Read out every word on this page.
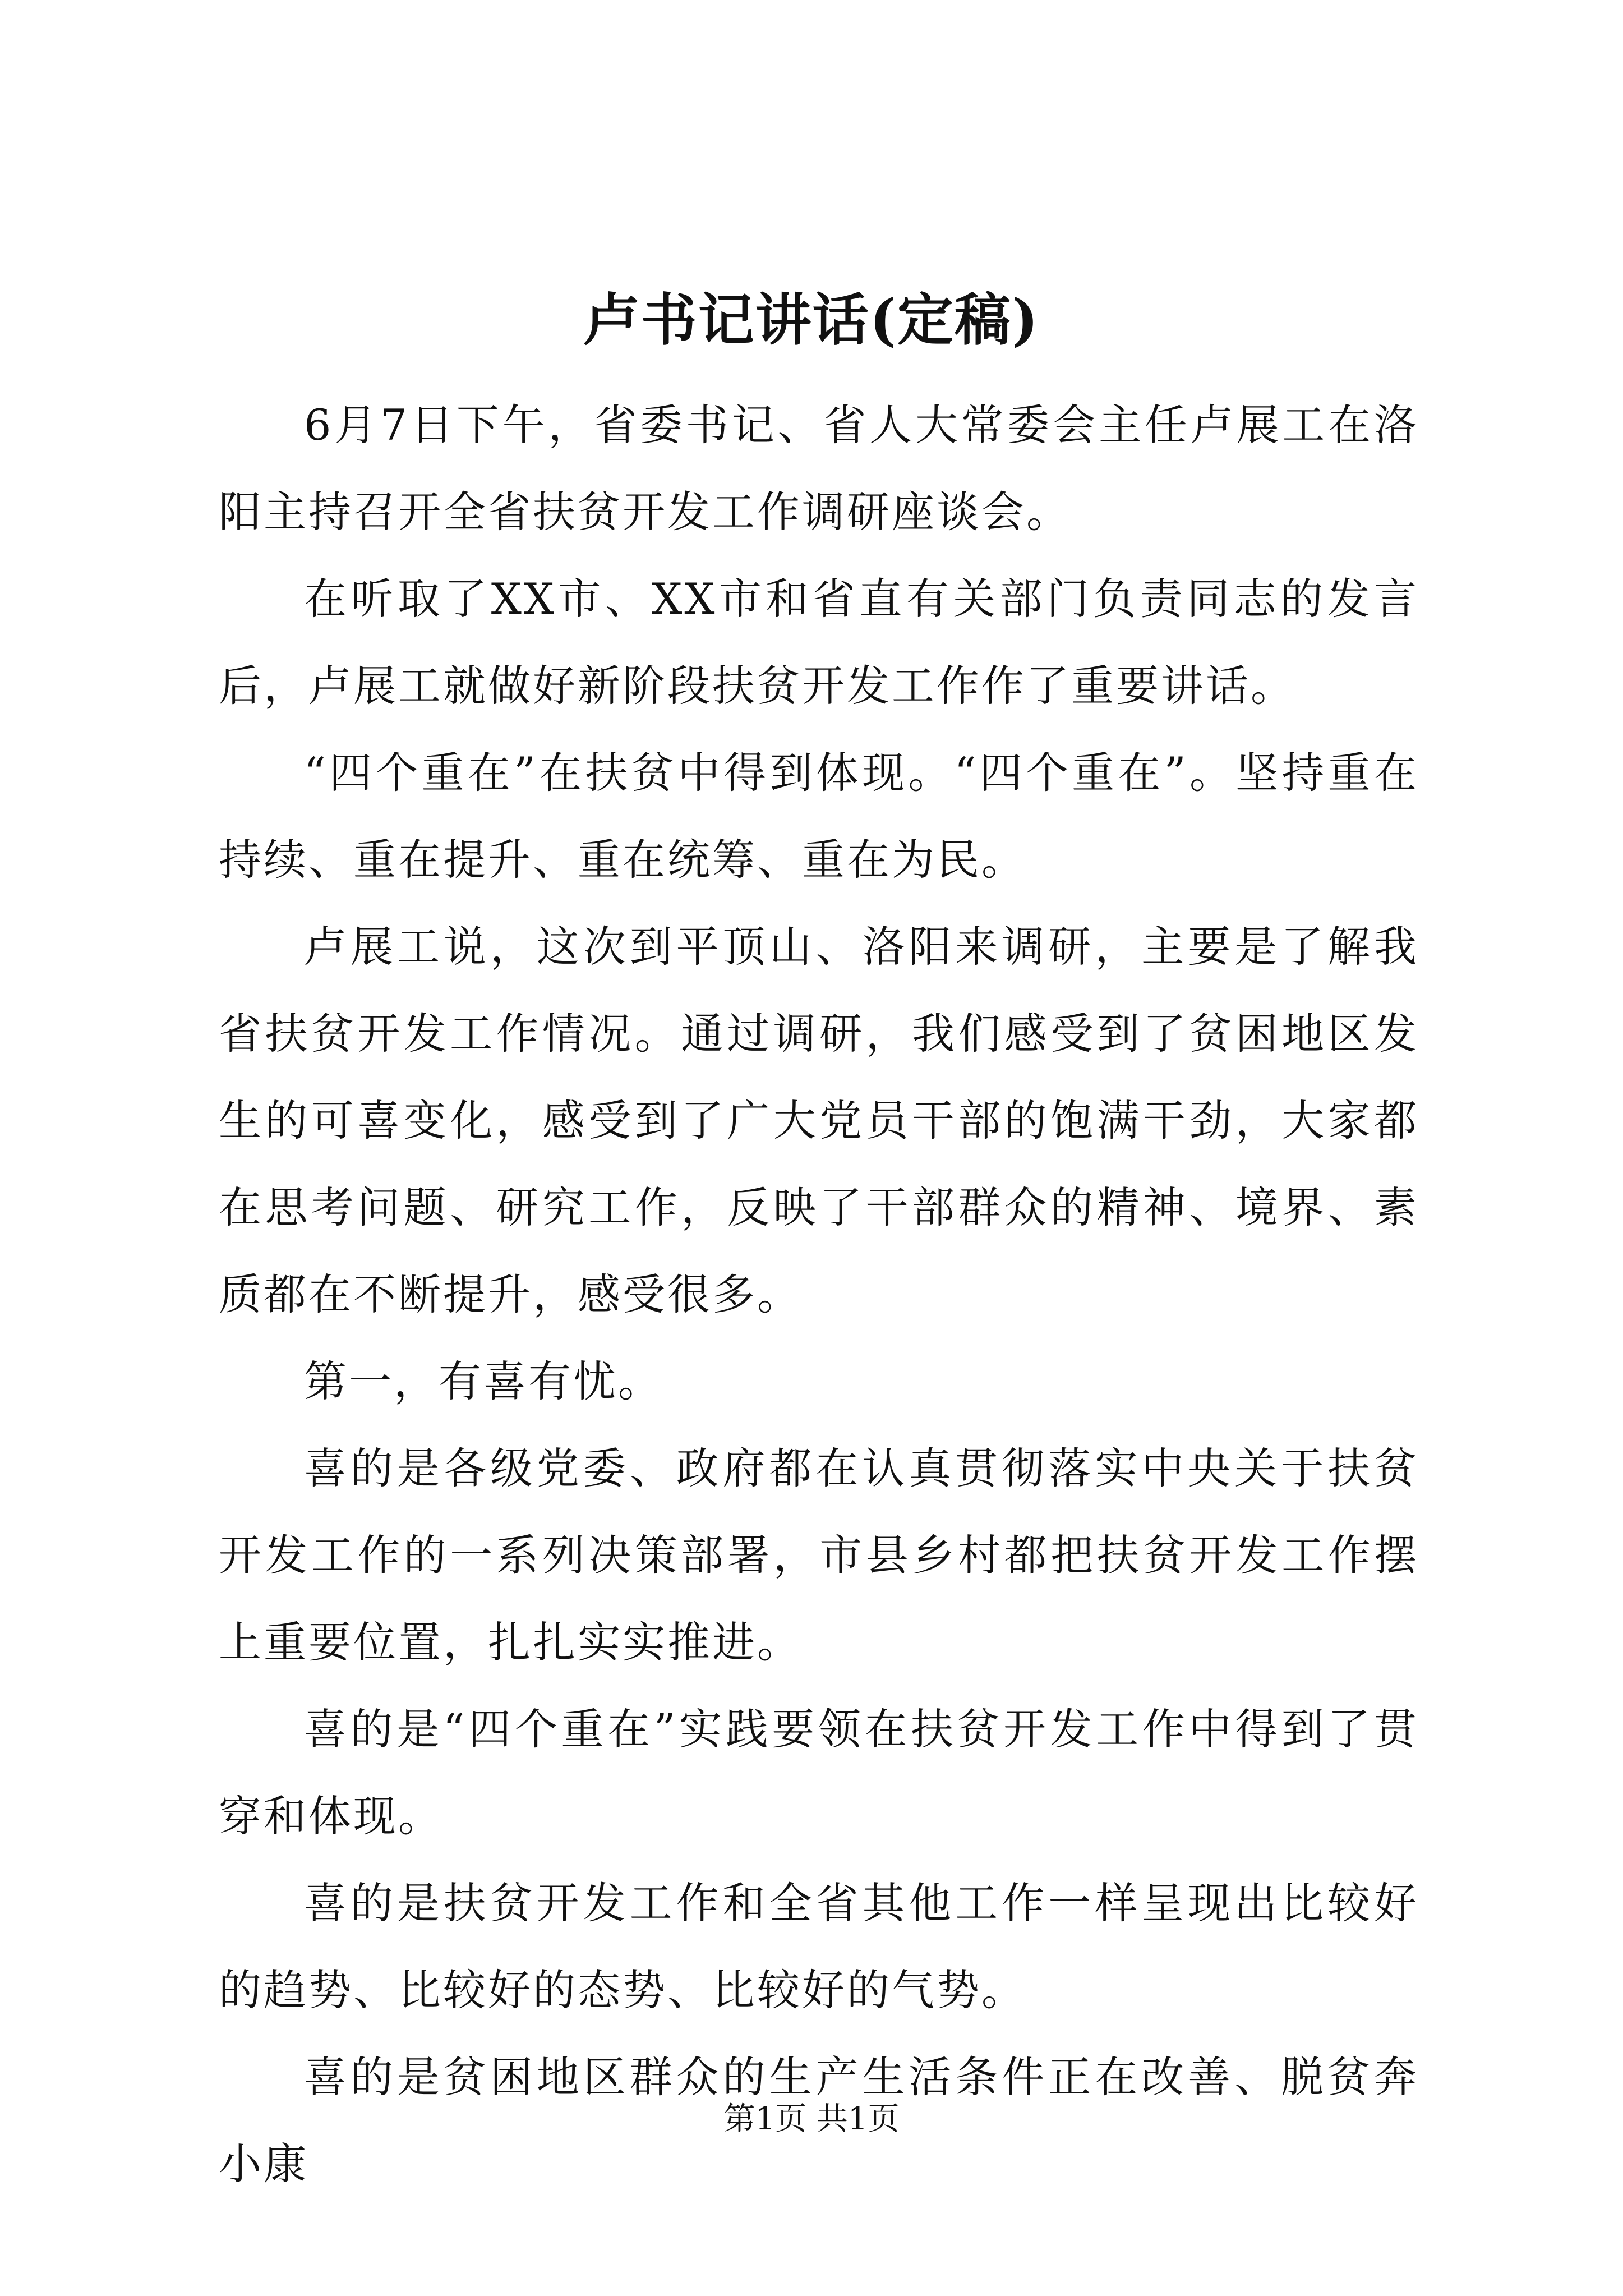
卢书记讲话(定稿)

6月7日下午，省委书记、省人大常委会主任卢展工在洛阳主持召开全省扶贫开发工作调研座谈会。

在听取了XX市、XX市和省直有关部门负责同志的发言后，卢展工就做好新阶段扶贫开发工作作了重要讲话。

“四个重在”在扶贫中得到体现。“四个重在”。坚持重在持续、重在提升、重在统筹、重在为民。

卢展工说，这次到平顶山、洛阳来调研，主要是了解我省扶贫开发工作情况。通过调研，我们感受到了贫困地区发生的可喜变化，感受到了广大党员干部的饱满干劲，大家都在思考问题、研究工作，反映了干部群众的精神、境界、素质都在不断提升，感受很多。

第一，有喜有忧。

喜的是各级党委、政府都在认真贯彻落实中央关于扶贫开发工作的一系列决策部署，市县乡村都把扶贫开发工作摆上重要位置，扎扎实实推进。

喜的是“四个重在”实践要领在扶贫开发工作中得到了贯穿和体现。

喜的是扶贫开发工作和全省其他工作一样呈现出比较好的趋势、比较好的态势、比较好的气势。

喜的是贫困地区群众的生产生活条件正在改善、脱贫奔小康

第1页 共1页
